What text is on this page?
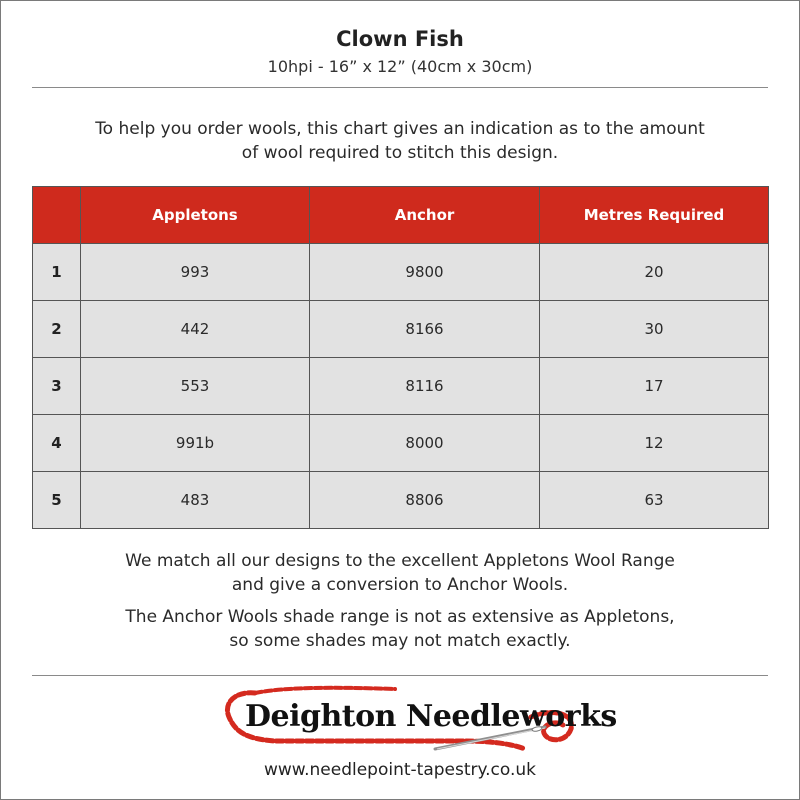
Clown Fish
10hpi - 16” x 12” (40cm x 30cm)
To help you order wools, this chart gives an indication as to the amount
of wool required to stitch this design.
	Appletons	Anchor	Metres Required
1	993	9800	20
2	442	8166	30
3	553	8116	17
4	991b	8000	12
5	483	8806	63
We match all our designs to the excellent Appletons Wool Range
and give a conversion to Anchor Wools.
The Anchor Wools shade range is not as extensive as Appletons,
so some shades may not match exactly.
Deighton Needleworks
www.needlepoint-tapestry.co.uk
